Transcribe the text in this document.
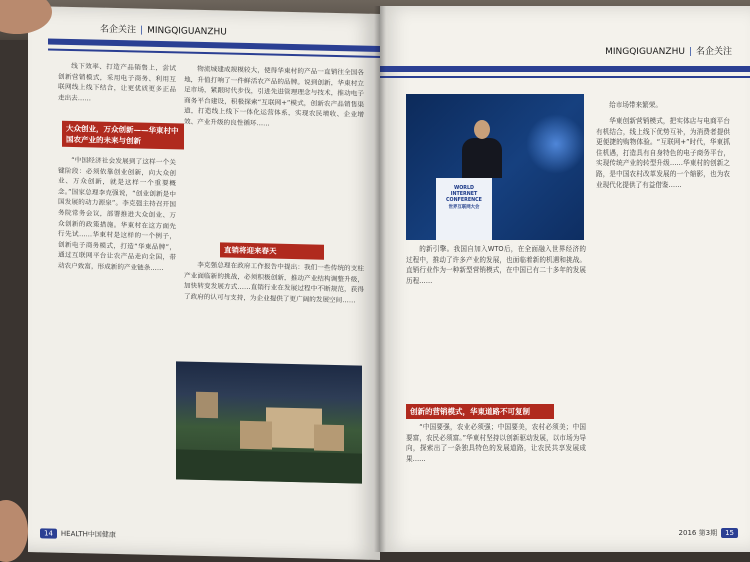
名企关注 | MINGQIGUANZHU

线下效率、打造产品销售上，尝试创新营销模式，采用电子商务、利用互联网线上线下结合，让更优质更多正品走出去……

大众创业，万众创新——华東村中国农产业的未来与创新

“中国经济社会发展到了这样一个关键阶段：必须依靠创业创新，向大众创业、万众创新，就是这样一个重要概念。”国家总理李克强说，“创业创新是中国发展的动力源泉”。李克强主持召开国务院常务会议，部署推进大众创业、万众创新的政策措施。华東村在这方面先行先试……华東村是这样的一个例子，创新电子商务模式，打造“华東品牌”，通过互联网平台让农产品走向全国，带动农户致富，形成新的产业链条……

物流城建成规模较大，使得华東村的产品一直销往全国各地，升值打响了一件鲜活农产品的品牌。说到创新，华東村立足市场，紧跟时代步伐，引进先进管理理念与技术，推动电子商务平台建设，积极探索“互联网+”模式，创新农产品销售渠道，打造线上线下一体化运营体系，实现农民增收、企业增效、产业升级的良性循环……

直销将迎来春天

李克强总理在政府工作报告中提出：我们一些传统的支柱产业面临新的挑战，必须积极创新，推动产业结构调整升级，加快转变发展方式……直销行业在发展过程中不断规范，获得了政府的认可与支持，为企业提供了更广阔的发展空间……

14 HEALTH中国健康
MINGQIGUANZHU | 名企关注
WORLD INTERNET CONFERENCE
世界互联网大会

的新引擎。我国自加入WTO后，在全面融入世界经济的过程中，推动了许多产业的发展，也面临着新的机遇和挑战。直销行业作为一种新型营销模式，在中国已有二十多年的发展历程……

创新的营销模式，华東道路不可复制

“中国要强，农业必须强；中国要美，农村必须美；中国要富，农民必须富。”华東村坚持以创新驱动发展，以市场为导向，探索出了一条独具特色的发展道路，让农民共享发展成果……

给市场带来繁荣。

华東创新营销模式，把实体店与电商平台有机结合，线上线下优势互补，为消费者提供更便捷的购物体验。“互联网+”时代，华東抓住机遇，打造具有自身特色的电子商务平台，实现传统产业的转型升级……华東村的创新之路，是中国农村改革发展的一个缩影，也为农业现代化提供了有益借鉴……

2016 第3期 15
